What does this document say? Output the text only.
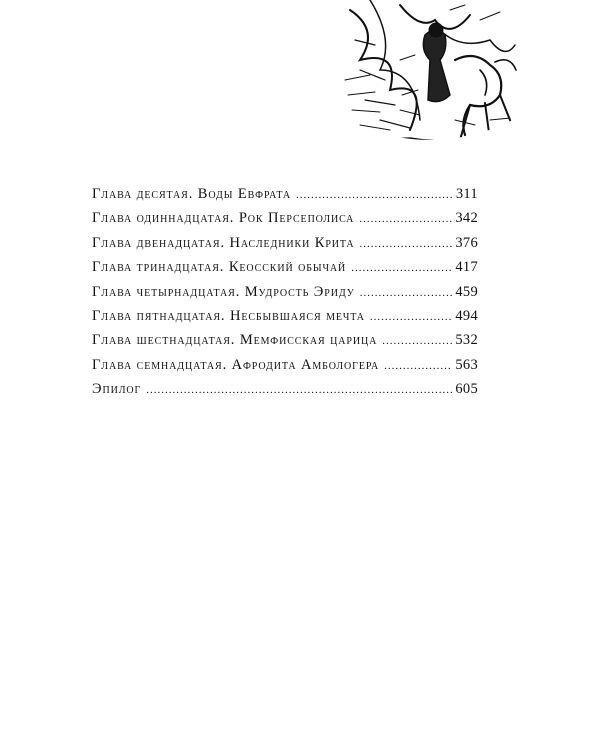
Глава десятая. Воды Евфрата .....	311
Глава одиннадцатая. Рок Персеполиса .....	342
Глава двенадцатая. Наследники Крита .....	376
Глава тринадцатая. Кеосский обычай .....	417
Глава четырнадцатая. Мудрость Эриду .....	459
Глава пятнадцатая. Несбывшаяся мечта .....	494
Глава шестнадцатая. Мемфисская царица .....	532
Глава семнадцатая. Афродита Амбологера .....	563
Эпилог .....	605
